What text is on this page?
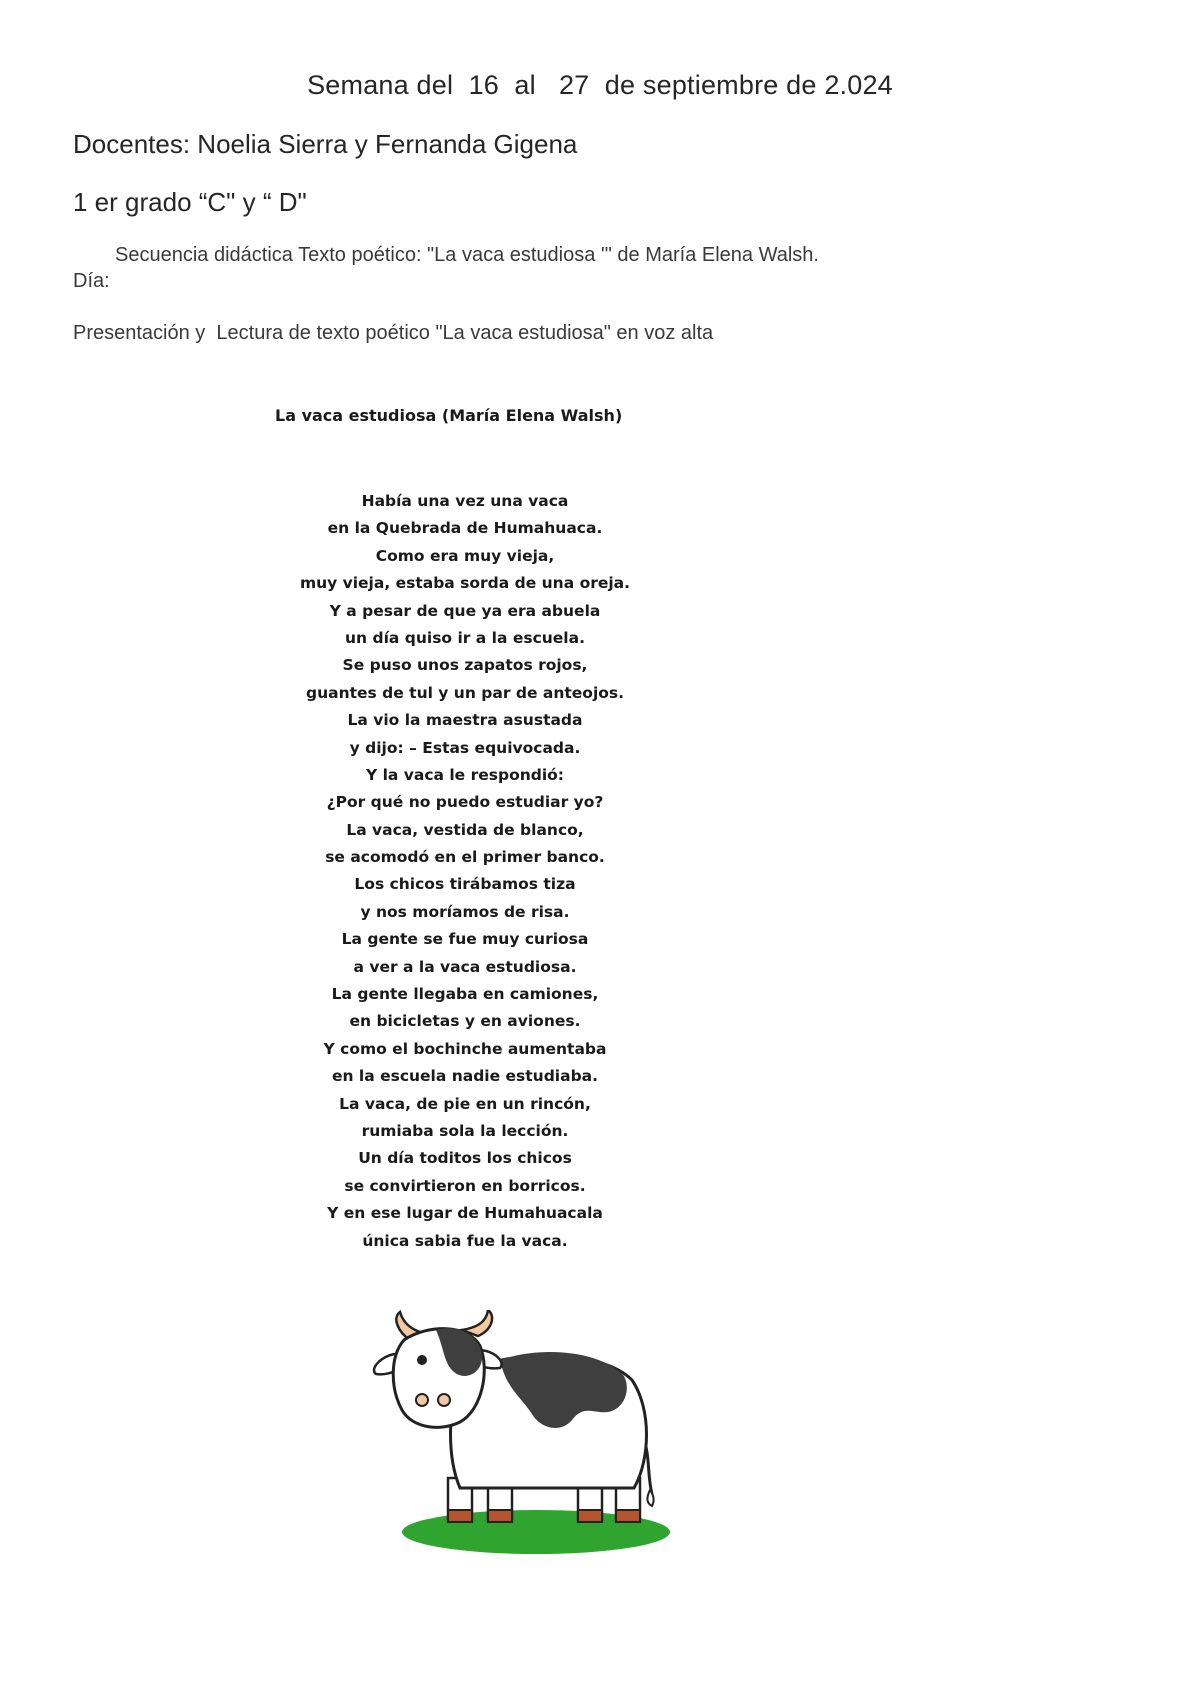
Semana del  16  al   27  de septiembre de 2.024
Docentes: Noelia Sierra y Fernanda Gigena
1 er grado “C" y “ D"
Secuencia didáctica Texto poético: "La vaca estudiosa '" de María Elena Walsh.
Día:
Presentación y  Lectura de texto poético "La vaca estudiosa" en voz alta
La vaca estudiosa (María Elena Walsh)
Había una vez una vaca
en la Quebrada de Humahuaca.
Como era muy vieja,
muy vieja, estaba sorda de una oreja.
Y a pesar de que ya era abuela
un día quiso ir a la escuela.
Se puso unos zapatos rojos,
guantes de tul y un par de anteojos.
La vio la maestra asustada
y dijo: – Estas equivocada.
Y la vaca le respondió:
¿Por qué no puedo estudiar yo?
La vaca, vestida de blanco,
se acomodó en el primer banco.
Los chicos tirábamos tiza
y nos moríamos de risa.
La gente se fue muy curiosa
a ver a la vaca estudiosa.
La gente llegaba en camiones,
en bicicletas y en aviones.
Y como el bochinche aumentaba
en la escuela nadie estudiaba.
La vaca, de pie en un rincón,
rumiaba sola la lección.
Un día toditos los chicos
se convirtieron en borricos.
Y en ese lugar de Humahuacala
única sabia fue la vaca.
